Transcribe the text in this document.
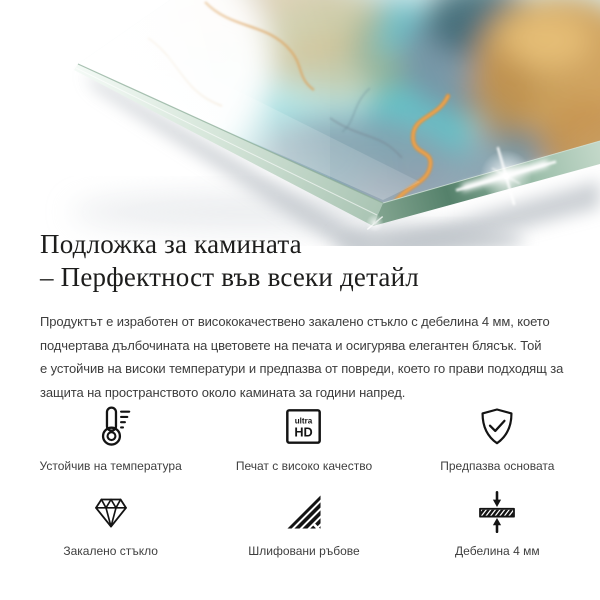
Подложка за камината
– Перфектност във всеки детайл
Продуктът е изработен от висококачествено закалено стъкло с дебелина 4 мм, което
подчертава дълбочината на цветовете на печата и осигурява елегантен блясък. Той
е устойчив на високи температури и предпазва от повреди, което го прави подходящ за
защита на пространството около камината за години напред.
Устойчив на температура
ultra
HD
Печат с високо качество	Предпазва основата
Закалено стъкло	Шлифовани ръбове	Дебелина 4 мм
